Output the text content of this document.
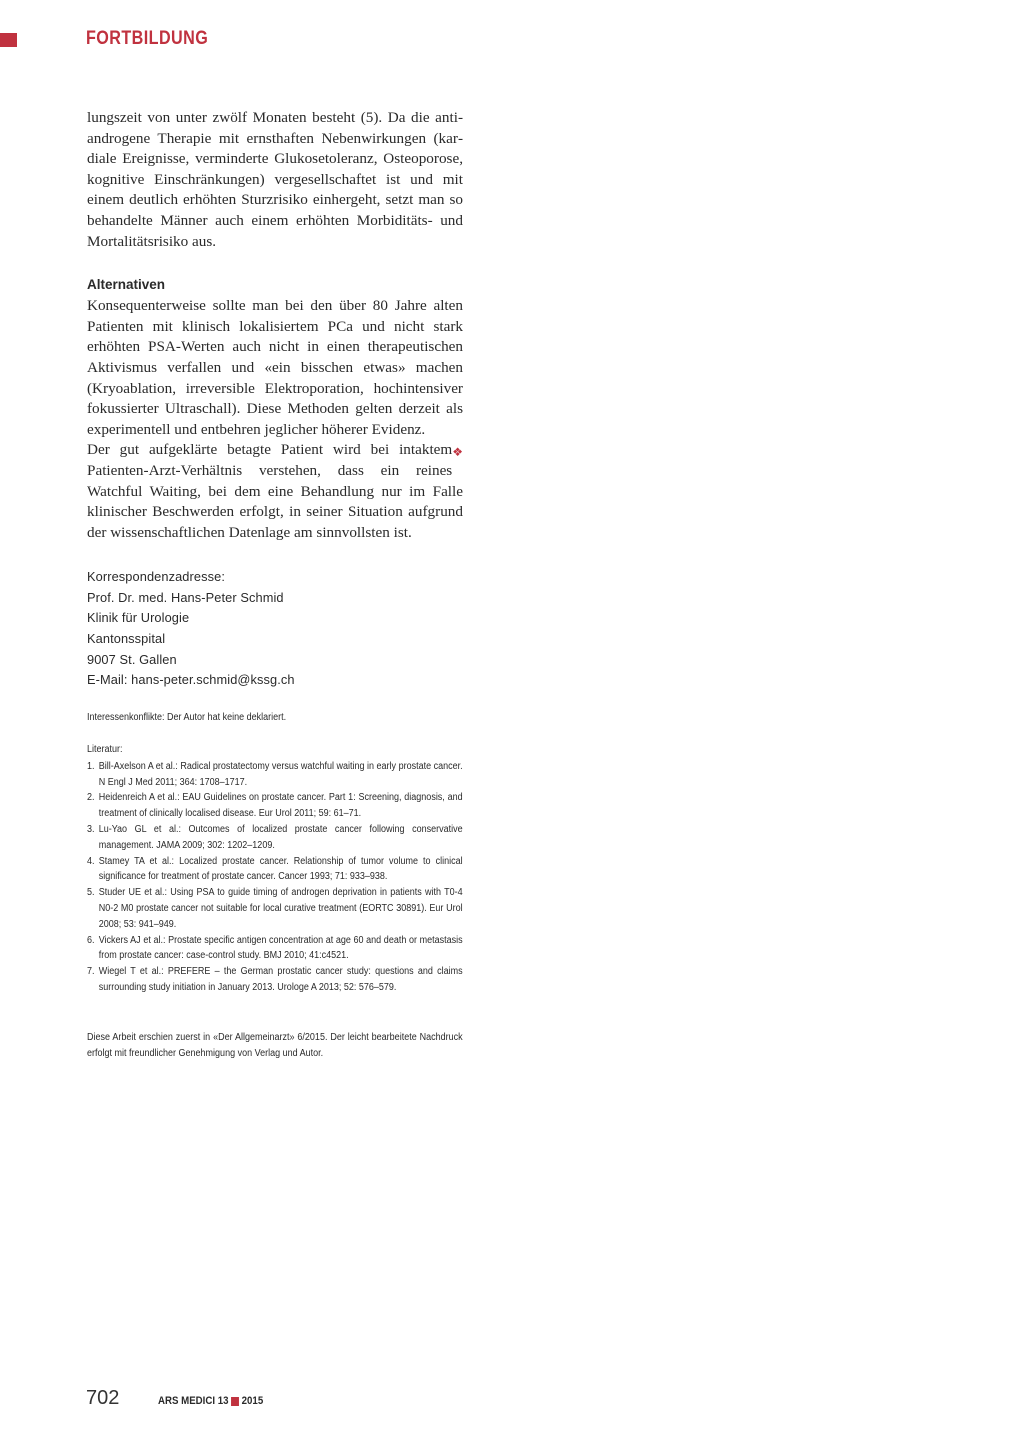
FORTBILDUNG

lungszeit von unter zwölf Monaten besteht (5). Da die antiandrogene Therapie mit ernsthaften Nebenwirkungen (kardiale Ereignisse, verminderte Glukosetoleranz, Osteoporose, kognitive Einschränkungen) vergesellschaftet ist und mit einem deutlich erhöhten Sturzrisiko einhergeht, setzt man so behandelte Männer auch einem erhöhten Morbiditäts- und Mortalitätsrisiko aus.

Alternativen

Konsequenterweise sollte man bei den über 80 Jahre alten Patienten mit klinisch lokalisiertem PCa und nicht stark erhöhten PSA-Werten auch nicht in einen therapeutischen Aktivismus verfallen und «ein bisschen etwas» machen (Kryoablation, irreversible Elektroporation, hochintensiver fokussierter Ultraschall). Diese Methoden gelten derzeit als experimentell und entbehren jeglicher höherer Evidenz.

❖
Der gut aufgeklärte betagte Patient wird bei intaktem Patienten-Arzt-Verhältnis verstehen, dass ein reines Watchful Waiting, bei dem eine Behandlung nur im Falle klinischer Beschwerden erfolgt, in seiner Situation aufgrund der wissenschaftlichen Datenlage am sinnvollsten ist.

Korrespondenzadresse:
Prof. Dr. med. Hans-Peter Schmid
Klinik für Urologie
Kantonsspital
9007 St. Gallen
E-Mail: hans-peter.schmid@kssg.ch
Interessenkonflikte: Der Autor hat keine deklariert.
Literatur:
1. Bill-Axelson A et al.: Radical prostatectomy versus watchful waiting in early prostate cancer. N Engl J Med 2011; 364: 1708–1717.
2. Heidenreich A et al.: EAU Guidelines on prostate cancer. Part 1: Screening, diagnosis, and treatment of clinically localised disease. Eur Urol 2011; 59: 61–71.
3. Lu-Yao GL et al.: Outcomes of localized prostate cancer following conservative management. JAMA 2009; 302: 1202–1209.
4. Stamey TA et al.: Localized prostate cancer. Relationship of tumor volume to clinical significance for treatment of prostate cancer. Cancer 1993; 71: 933–938.
5. Studer UE et al.: Using PSA to guide timing of androgen deprivation in patients with T0-4 N0-2 M0 prostate cancer not suitable for local curative treatment (EORTC 30891). Eur Urol 2008; 53: 941–949.
6. Vickers AJ et al.: Prostate specific antigen concentration at age 60 and death or metastasis from prostate cancer: case-control study. BMJ 2010; 41:c4521.
7. Wiegel T et al.: PREFERE – the German prostatic cancer study: questions and claims surrounding study initiation in January 2013. Urologe A 2013; 52: 576–579.
Diese Arbeit erschien zuerst in «Der Allgemeinarzt» 6/2015. Der leicht bearbeitete Nachdruck erfolgt mit freundlicher Genehmigung von Verlag und Autor.
702	ARS MEDICI 13 2015
